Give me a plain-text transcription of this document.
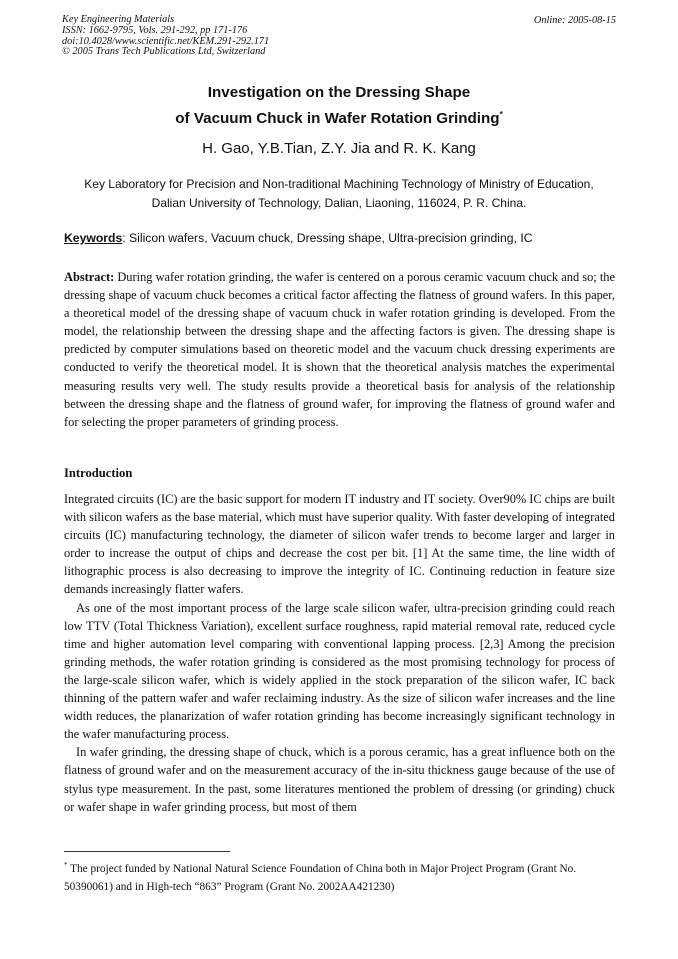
Key Engineering Materials
ISSN: 1662-9795, Vols. 291-292, pp 171-176
doi:10.4028/www.scientific.net/KEM.291-292.171
© 2005 Trans Tech Publications Ltd, Switzerland
Online: 2005-08-15
Investigation on the Dressing Shape
of Vacuum Chuck in Wafer Rotation Grinding*
H. Gao, Y.B.Tian, Z.Y. Jia and R. K. Kang
Key Laboratory for Precision and Non-traditional Machining Technology of Ministry of Education,
Dalian University of Technology, Dalian, Liaoning, 116024, P. R. China.
Keywords: Silicon wafers, Vacuum chuck, Dressing shape, Ultra-precision grinding, IC
Abstract: During wafer rotation grinding, the wafer is centered on a porous ceramic vacuum chuck and so; the dressing shape of vacuum chuck becomes a critical factor affecting the flatness of ground wafers. In this paper, a theoretical model of the dressing shape of vacuum chuck in wafer rotation grinding is developed. From the model, the relationship between the dressing shape and the affecting factors is given. The dressing shape is predicted by computer simulations based on theoretic model and the vacuum chuck dressing experiments are conducted to verify the theoretical model. It is shown that the theoretical analysis matches the experimental measuring results very well. The study results provide a theoretical basis for analysis of the relationship between the dressing shape and the flatness of ground wafer, for improving the flatness of ground wafer and for selecting the proper parameters of grinding process.
Introduction

Integrated circuits (IC) are the basic support for modern IT industry and IT society. Over90% IC chips are built with silicon wafers as the base material, which must have superior quality. With faster developing of integrated circuits (IC) manufacturing technology, the diameter of silicon wafer trends to become larger and larger in order to increase the output of chips and decrease the cost per bit. [1] At the same time, the line width of lithographic process is also decreasing to improve the integrity of IC. Continuing reduction in feature size demands increasingly flatter wafers.

As one of the most important process of the large scale silicon wafer, ultra-precision grinding could reach low TTV (Total Thickness Variation), excellent surface roughness, rapid material removal rate, reduced cycle time and higher automation level comparing with conventional lapping process. [2,3] Among the precision grinding methods, the wafer rotation grinding is considered as the most promising technology for process of the large-scale silicon wafer, which is widely applied in the stock preparation of the silicon wafer, IC back thinning of the pattern wafer and wafer reclaiming industry. As the size of silicon wafer increases and the line width reduces, the planarization of wafer rotation grinding has become increasingly significant technology in the wafer manufacturing process.

In wafer grinding, the dressing shape of chuck, which is a porous ceramic, has a great influence both on the flatness of ground wafer and on the measurement accuracy of the in-situ thickness gauge because of the use of stylus type measurement. In the past, some literatures mentioned the problem of dressing (or grinding) chuck or wafer shape in wafer grinding process, but most of them

* The project funded by National Natural Science Foundation of China both in Major Project Program (Grant No. 50390061) and in High-tech “863” Program (Grant No. 2002AA421230)
